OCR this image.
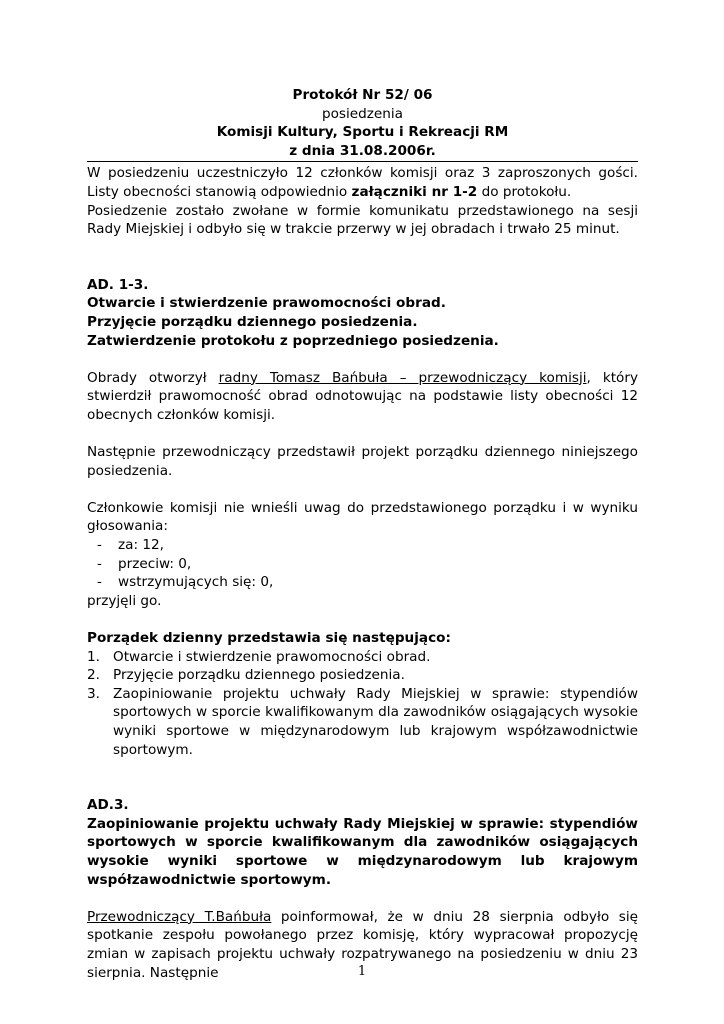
Protokół Nr 52/ 06
posiedzenia
Komisji Kultury, Sportu i Rekreacji RM
z dnia 31.08.2006r.

W posiedzeniu uczestniczyło 12 członków komisji oraz 3 zaproszonych gości. Listy obecności stanowią odpowiednio załączniki nr 1-2 do protokołu.

Posiedzenie zostało zwołane w formie komunikatu przedstawionego na sesji Rady Miejskiej i odbyło się w trakcie przerwy w jej obradach i trwało 25 minut.

AD. 1-3.
Otwarcie i stwierdzenie prawomocności obrad.
Przyjęcie porządku dziennego posiedzenia.
Zatwierdzenie protokołu z poprzedniego posiedzenia.

Obrady otworzył radny Tomasz Bańbuła – przewodniczący komisji, który stwierdził prawomocność obrad odnotowując na podstawie listy obecności 12 obecnych członków komisji.

Następnie przewodniczący przedstawił projekt porządku dziennego niniejszego posiedzenia.

Członkowie komisji nie wnieśli uwag do przedstawionego porządku i w wyniku głosowania:

- za: 12,
- przeciw: 0,
- wstrzymujących się: 0,

przyjęli go.

Porządek dzienny przedstawia się następująco:
1. Otwarcie i stwierdzenie prawomocności obrad.
2. Przyjęcie porządku dziennego posiedzenia.
3. Zaopiniowanie projektu uchwały Rady Miejskiej w sprawie: stypendiów sportowych w sporcie kwalifikowanym dla zawodników osiągających wysokie wyniki sportowe w międzynarodowym lub krajowym współzawodnictwie sportowym.
AD.3.

Zaopiniowanie projektu uchwały Rady Miejskiej w sprawie: stypendiów sportowych w sporcie kwalifikowanym dla zawodników osiągających wysokie wyniki sportowe w międzynarodowym lub krajowym współzawodnictwie sportowym.

Przewodniczący T.Bańbuła poinformował, że w dniu 28 sierpnia odbyło się spotkanie zespołu powołanego przez komisję, który wypracował propozycję zmian w zapisach projektu uchwały rozpatrywanego na posiedzeniu w dniu 23 sierpnia. Następnie	1
